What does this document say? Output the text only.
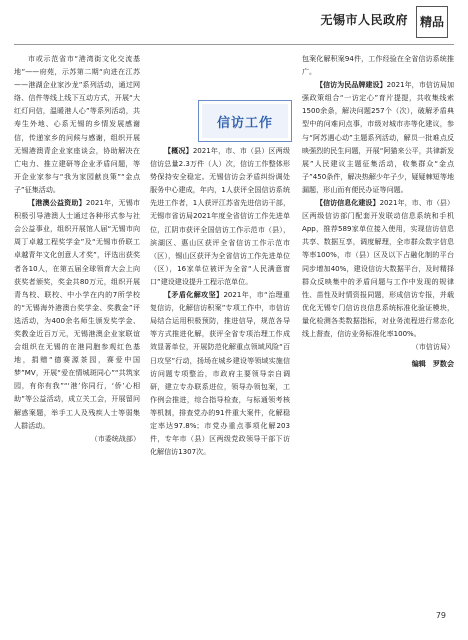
无锡市人民政府 精品

市或示范省市“港湾街文化交流基地”——府苑，示苏第二期“向进在江苏——港湖企业家沙龙”系列活动，通过网络、信件等线上线下互动方式，开展“大红灯问信，温暖港人心”等系列活动，共寿生外地、心系无锡的乡情发展感谢信，传递家乡的问候与感谢，组织开展无锡港澳青企业家座谈会，协助解决在亡电力、推立建研等企业矛盾问题，等开企业家参与“我为家园献良策”“金点子”征集活动。

【港澳公益资助】2021年，无锡市积极引导港澳人士通过各种形式参与社会公益事业，组织开展馆人届“无锡市向周丁卓越工程奖学金”及“无锡市侨联工卓越青年文化创意人才奖”，评选出获奖者各10人，在第五届全球领育大会上向获奖者颁奖，奖金共80万元，组织开展青鸟校、联校、中小学在内的7所学校的“无锡海外港澳台奖学金、奖教金”评选活动，为400余名师生颁发奖学金、奖教金近百万元，无锡港澳企业家联谊会组织在无锡的在港同胞参观红色基地，捐赠“德赛源茶园，赛爱中国梦”MV，开展“爱在情城斑同心”“共筑家园，有你有我”“‘港’你同行，‘侨’心相助”等公益活动，成立关工会，开展留问解惑案题，举手工人及残疾人士等弱集人群活动。

（市委统战部）
信访工作

【概况】2021年，市、市（县）区两级信访总量2.3万件（人）次，信访工作整体形势保持安全稳定。无锡信访会矛盾纠纷调处服务中心建成，年内，1人获评全国信访系统先进工作者，1人获评江苏省先进信访干部，无锡市省访局2021年度全省信访工作先进单位，江阴市获评全国信访工作示范市（县），滨湖区、惠山区获评全省信访工作示范市（区），锡山区获评为全省信访工作先进单位（区），16家单位被评为全省“人民满意窗口”建设建设提升工程示范单位。

【矛盾化解攻坚】2021年，市“治理重复信访，化解信访积案”专项工作中，市信访局结合运用积极预防，推进信导，规范各导等方式推进化解，获评全省专项治理工作成效显著单位，开展防范化解重点领域风险“百日攻坚”行动，扬场在城乡建设等领域实施信访问题专项整治，市政府主要领导亲自调研，建立专办联系进位，领导办领包案，工作例会推进，综合指导检查，与标通领考核等机制，排查党办的91件重大案件，化解稳定率达97.8%；市党办重点事项化解203件，专年市（县）区两级党政领导干部下访化解信访1307次。

包案化解积案94件，工作经验在全省信访系统推广。

【信访为民品牌建设】2021年，市信访局加强政策组合“一访定心”育片提提，共收集线索1500余条，解决问题257个（次），破解矛盾典型中的问难问点事，市级对城市亦等化建议，参与“阿苏遇心动”主题系列活动，解员一批难点反映强烈的民生问题，开展“阿猫来公平，共律新发展”人民建议主题征集活动，收集群众“金点子”450条件，解决热解少年子少，疑疑棘短等地漏题，形山而有便民办证等问题。

【信访信息化建设】2021年，市、市（县）区两级信访部门配套开发联动信息系统和手机App，推荐589家单位接入使用，实现信访信息共享、数据互享，调度解理，全市群众数字信息等率100%，市（县）区及以下占融化制的平台同步增加40%，建设信访大数据平台，及时精择群众反映集中的矛盾问题与工作中发现的规律性、苗性及时情资报同题，形成信访专报，并载优化无锡专门信访良信息系统标准化验证模块，量化检测各类数据指标，对业务流程进行常态化线上督查，信访业务标准化率100%。

（市信访局）
编辑　罗数会
79
